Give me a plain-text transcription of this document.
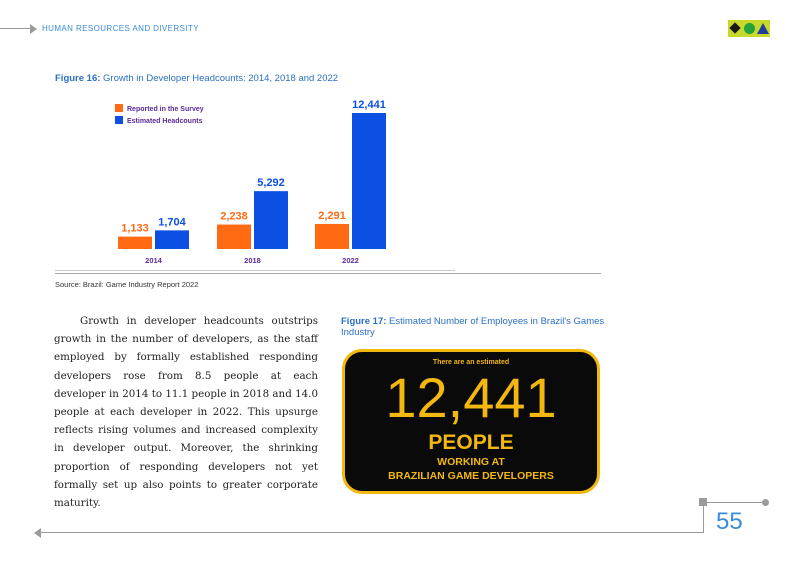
HUMAN RESOURCES AND DIVERSITY
Figure 16: Growth in Developer Headcounts: 2014, 2018 and 2022
Reported in the Survey
Estimated Headcounts
1,133
1,704
2014
2,238
5,292
2018
2,291
12,441
2022
Source: Brazil: Game Industry Report 2022
Growth in developer headcounts outstrips growth in the number of developers, as the staff employed by formally established responding developers rose from 8.5 people at each developer in 2014 to 11.1 people in 2018 and 14.0 people at each developer in 2022. This upsurge reflects rising volumes and increased complexity in developer output. Moreover, the shrinking proportion of responding developers not yet formally set up also points to greater corporate maturity.
Figure 17: Estimated Number of Employees in Brazil's Games Industry
There are an estimated
12,441
PEOPLE
WORKING AT
BRAZILIAN GAME DEVELOPERS
55
